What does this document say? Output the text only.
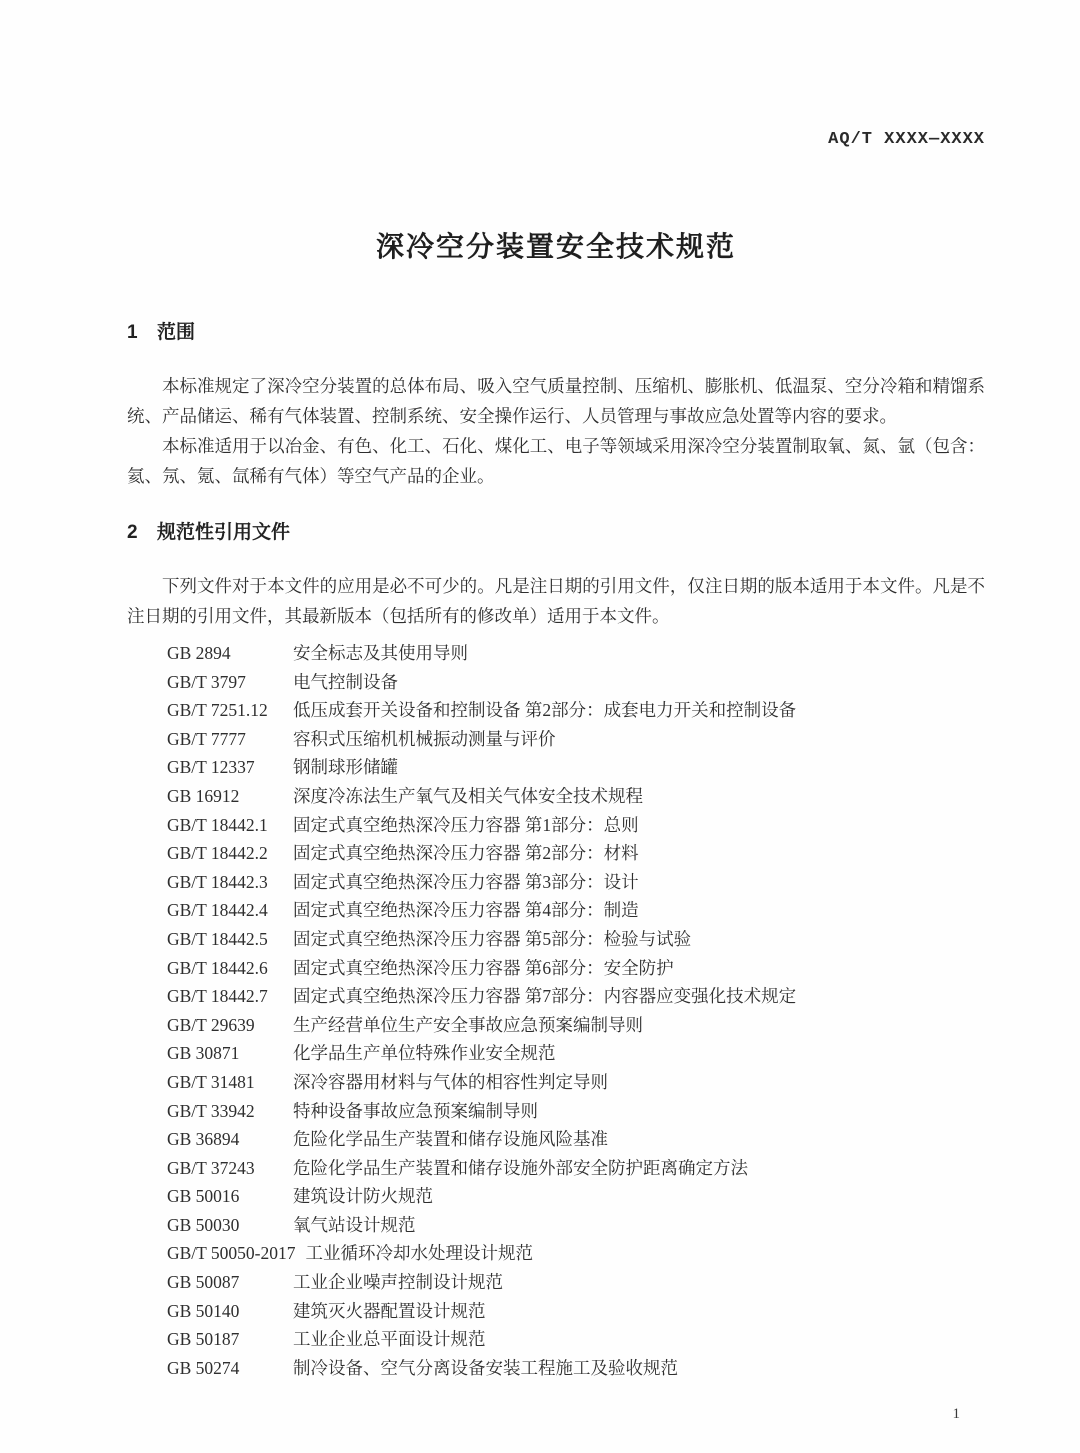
AQ/T XXXX—XXXX
深冷空分装置安全技术规范
1 范围

本标准规定了深冷空分装置的总体布局、吸入空气质量控制、压缩机、膨胀机、低温泵、空分冷箱和精馏系统、产品储运、稀有气体装置、控制系统、安全操作运行、人员管理与事故应急处置等内容的要求。

本标准适用于以冶金、有色、化工、石化、煤化工、电子等领域采用深冷空分装置制取氧、氮、氩（包含：氦、氖、氪、氙稀有气体）等空气产品的企业。

2 规范性引用文件

下列文件对于本文件的应用是必不可少的。凡是注日期的引用文件，仅注日期的版本适用于本文件。凡是不注日期的引用文件，其最新版本（包括所有的修改单）适用于本文件。

GB 2894	安全标志及其使用导则
GB/T 3797	电气控制设备
GB/T 7251.12 低压成套开关设备和控制设备 第2部分：成套电力开关和控制设备
GB/T 7777	容积式压缩机机械振动测量与评价
GB/T 12337 钢制球形储罐
GB 16912	深度冷冻法生产氧气及相关气体安全技术规程
GB/T 18442.1 固定式真空绝热深冷压力容器 第1部分：总则
GB/T 18442.2 固定式真空绝热深冷压力容器 第2部分：材料
GB/T 18442.3 固定式真空绝热深冷压力容器 第3部分：设计
GB/T 18442.4 固定式真空绝热深冷压力容器 第4部分：制造
GB/T 18442.5 固定式真空绝热深冷压力容器 第5部分：检验与试验
GB/T 18442.6 固定式真空绝热深冷压力容器 第6部分：安全防护
GB/T 18442.7 固定式真空绝热深冷压力容器 第7部分：内容器应变强化技术规定
GB/T 29639 生产经营单位生产安全事故应急预案编制导则
GB 30871	化学品生产单位特殊作业安全规范
GB/T 31481 深冷容器用材料与气体的相容性判定导则
GB/T 33942 特种设备事故应急预案编制导则
GB 36894	危险化学品生产装置和储存设施风险基准
GB/T 37243 危险化学品生产装置和储存设施外部安全防护距离确定方法
GB 50016	建筑设计防火规范
GB 50030	氧气站设计规范
GB/T 50050-2017 工业循环冷却水处理设计规范
GB 50087	工业企业噪声控制设计规范
GB 50140	建筑灭火器配置设计规范
GB 50187	工业企业总平面设计规范
GB 50274	制冷设备、空气分离设备安装工程施工及验收规范
1
